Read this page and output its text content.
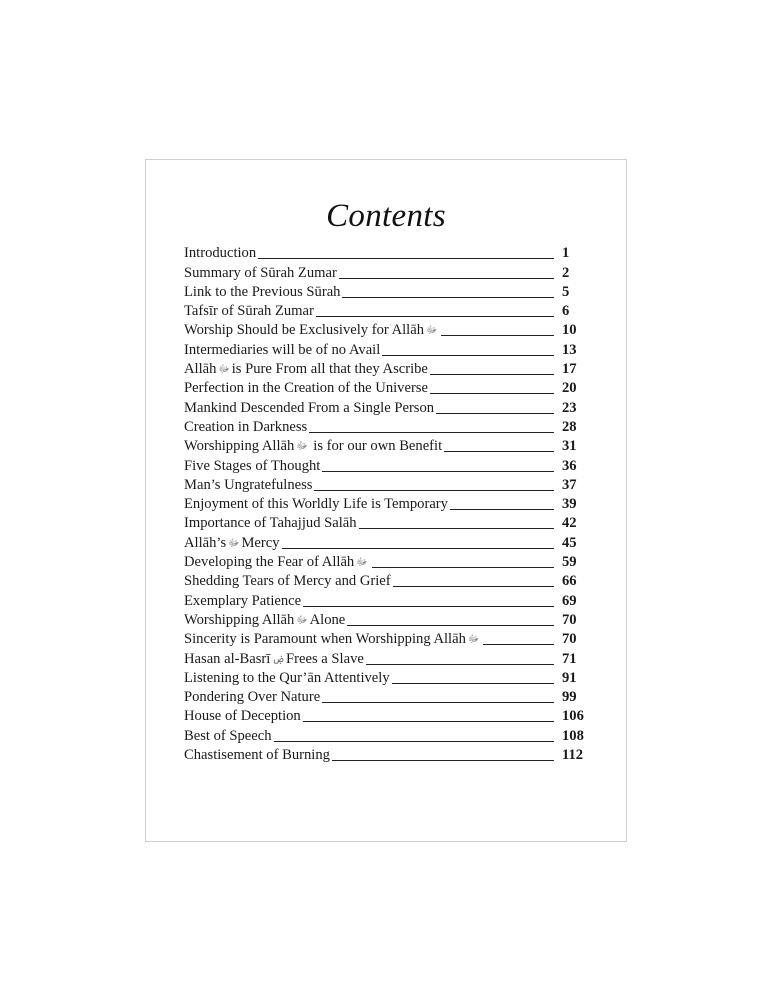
Contents
Introduction	1
Summary of Sūrah Zumar	2
Link to the Previous Sūrah	5
Tafsīr of Sūrah Zumar	6
Worship Should be Exclusively for Allāh ﷻ	10
Intermediaries will be of no Avail	13
Allāh ﷻ is Pure From all that they Ascribe	17
Perfection in the Creation of the Universe	20
Mankind Descended From a Single Person	23
Creation in Darkness	28
Worshipping Allāh ﷻ is for our own Benefit	31
Five Stages of Thought	36
Man’s Ungratefulness	37
Enjoyment of this Worldly Life is Temporary	39
Importance of Tahajjud Salāh	42
Allāh’s ﷻ Mercy	45
Developing the Fear of Allāh ﷻ	59
Shedding Tears of Mercy and Grief	66
Exemplary Patience	69
Worshipping Allāh ﷻ Alone	70
Sincerity is Paramount when Worshipping Allāh ﷻ	70
Hasan al-Basrī ۻ Frees a Slave	71
Listening to the Qur’ān Attentively	91
Pondering Over Nature	99
House of Deception	106
Best of Speech	108
Chastisement of Burning	112
